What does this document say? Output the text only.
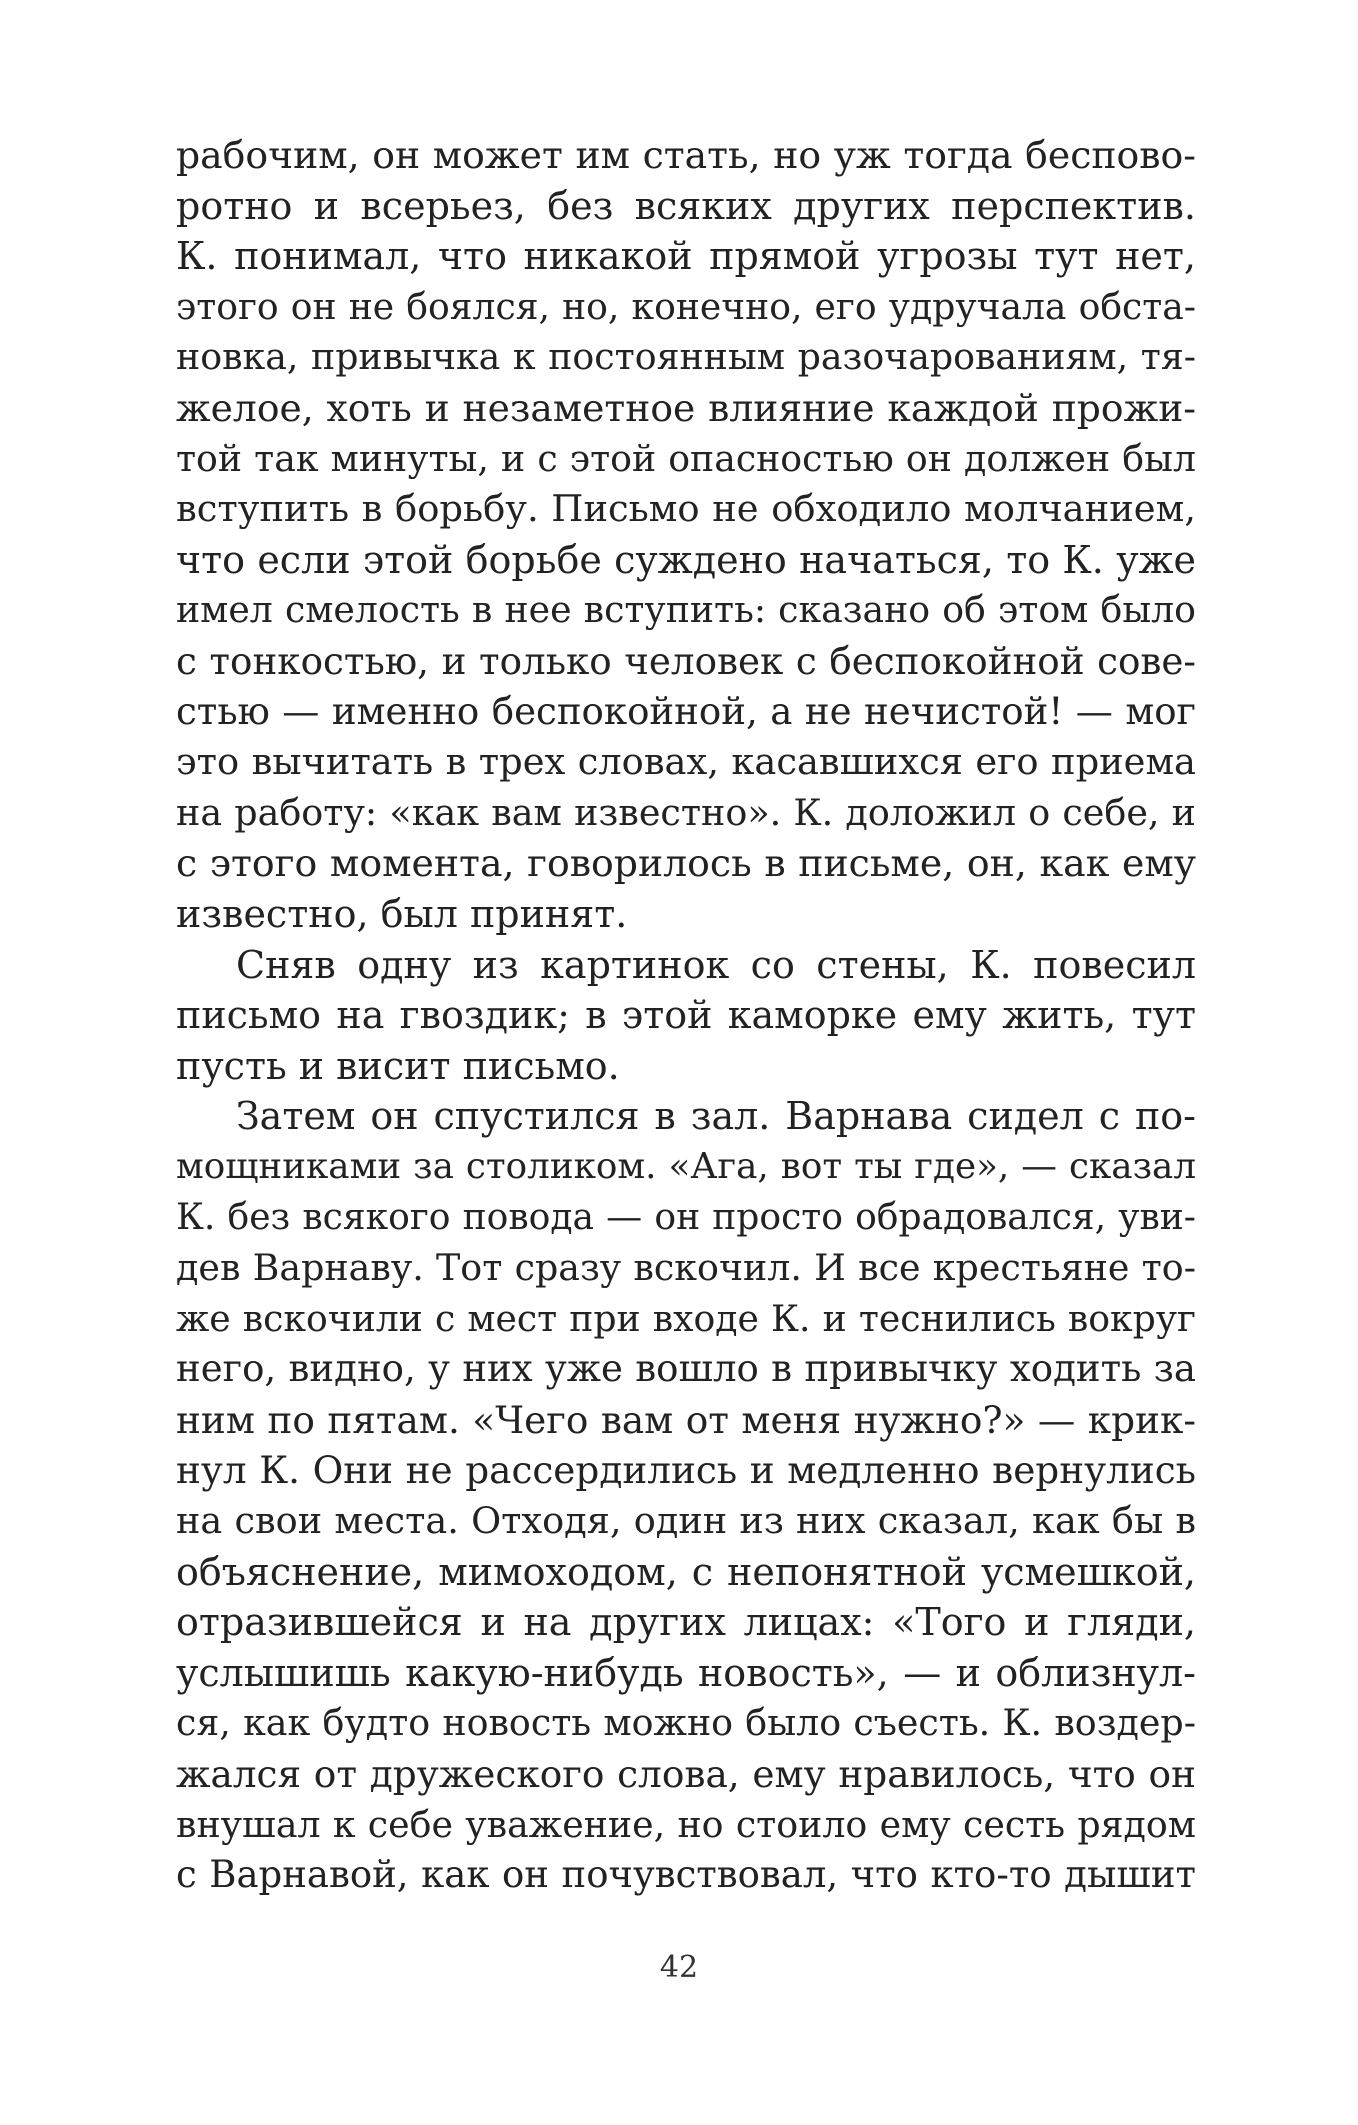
рабочим, он может им стать, но уж тогда беспово-
ротно и всерьез, без всяких других перспектив.
К. понимал, что никакой прямой угрозы тут нет,
этого он не боялся, но, конечно, его удручала обста-
новка, привычка к постоянным разочарованиям, тя-
желое, хоть и незаметное влияние каждой прожи-
той так минуты, и с этой опасностью он должен был
вступить в борьбу. Письмо не обходило молчанием,
что если этой борьбе суждено начаться, то К. уже
имел смелость в нее вступить: сказано об этом было
с тонкостью, и только человек с беспокойной сове-
стью — именно беспокойной, а не нечистой! — мог
это вычитать в трех словах, касавшихся его приема
на работу: «как вам известно». К. доложил о себе, и
с этого момента, говорилось в письме, он, как ему
известно, был принят.
Сняв одну из картинок со стены, К. повесил
письмо на гвоздик; в этой каморке ему жить, тут
пусть и висит письмо.
Затем он спустился в зал. Варнава сидел с по-
мощниками за столиком. «Ага, вот ты где», — сказал
К. без всякого повода — он просто обрадовался, уви-
дев Варнаву. Тот сразу вскочил. И все крестьяне то-
же вскочили с мест при входе К. и теснились вокруг
него, видно, у них уже вошло в привычку ходить за
ним по пятам. «Чего вам от меня нужно?» — крик-
нул К. Они не рассердились и медленно вернулись
на свои места. Отходя, один из них сказал, как бы в
объяснение, мимоходом, с непонятной усмешкой,
отразившейся и на других лицах: «Того и гляди,
услышишь какую-нибудь новость», — и облизнул-
ся, как будто новость можно было съесть. К. воздер-
жался от дружеского слова, ему нравилось, что он
внушал к себе уважение, но стоило ему сесть рядом
с Варнавой, как он почувствовал, что кто-то дышит
42
